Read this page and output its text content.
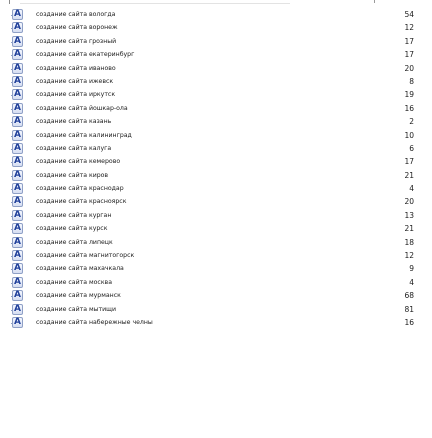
A создание сайта вологда	54
A создание сайта воронеж	12
A создание сайта грозный	17
A создание сайта екатеринбург	17
A создание сайта иваново	20
A создание сайта ижевск	8
A создание сайта иркутск	19
A создание сайта йошкар-ола	16
A создание сайта казань	2
A создание сайта калининград	10
A создание сайта калуга	6
A создание сайта кемерово	17
A создание сайта киров	21
A создание сайта краснодар	4
A создание сайта красноярск	20
A создание сайта курган	13
A создание сайта курск	21
A создание сайта липецк	18
A создание сайта магнитогорск	12
A создание сайта махачкала	9
A создание сайта москва	4
A создание сайта мурманск	68
A создание сайта мытищи	81
A создание сайта набережные челны	16
